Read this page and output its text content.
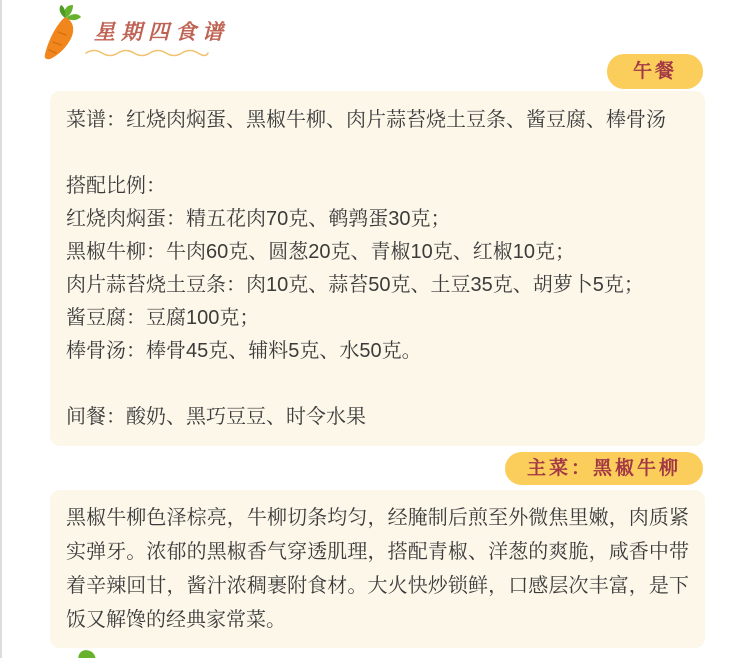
星期四食谱
午餐

菜谱：红烧肉焖蛋、黑椒牛柳、肉片蒜苔烧土豆条、酱豆腐、棒骨汤

搭配比例：

红烧肉焖蛋：精五花肉70克、鹌鹑蛋30克；

黑椒牛柳：牛肉60克、圆葱20克、青椒10克、红椒10克；

肉片蒜苔烧土豆条：肉10克、蒜苔50克、土豆35克、胡萝卜5克；

酱豆腐：豆腐100克；

棒骨汤：棒骨45克、辅料5克、水50克。

间餐：酸奶、黑巧豆豆、时令水果

主菜：黑椒牛柳

黑椒牛柳色泽棕亮，牛柳切条均匀，经腌制后煎至外微焦里嫩，肉质紧实弹牙。浓郁的黑椒香气穿透肌理，搭配青椒、洋葱的爽脆，咸香中带着辛辣回甘，酱汁浓稠裹附食材。大火快炒锁鲜，口感层次丰富，是下饭又解馋的经典家常菜。
